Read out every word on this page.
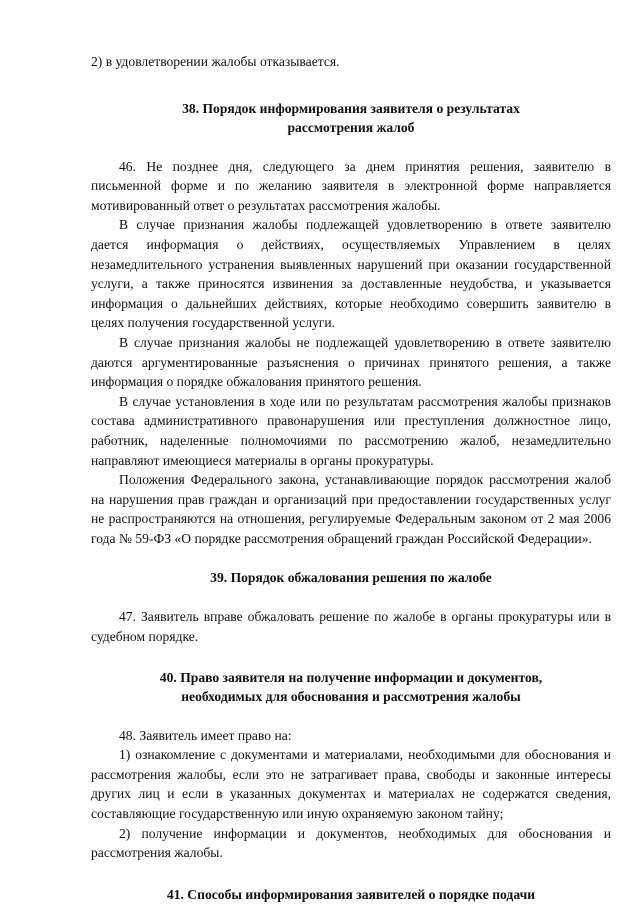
2) в удовлетворении жалобы отказывается.

38. Порядок информирования заявителя о результатах рассмотрения жалоб

46. Не позднее дня, следующего за днем принятия решения, заявителю в письменной форме и по желанию заявителя в электронной форме направляется мотивированный ответ о результатах рассмотрения жалобы.

В случае признания жалобы подлежащей удовлетворению в ответе заявителю дается информация о действиях, осуществляемых Управлением в целях незамедлительного устранения выявленных нарушений при оказании государственной услуги, а также приносятся извинения за доставленные неудобства, и указывается информация о дальнейших действиях, которые необходимо совершить заявителю в целях получения государственной услуги.

В случае признания жалобы не подлежащей удовлетворению в ответе заявителю даются аргументированные разъяснения о причинах принятого решения, а также информация о порядке обжалования принятого решения.

В случае установления в ходе или по результатам рассмотрения жалобы признаков состава административного правонарушения или преступления должностное лицо, работник, наделенные полномочиями по рассмотрению жалоб, незамедлительно направляют имеющиеся материалы в органы прокуратуры.

Положения Федерального закона, устанавливающие порядок рассмотрения жалоб на нарушения прав граждан и организаций при предоставлении государственных услуг не распространяются на отношения, регулируемые Федеральным законом от 2 мая 2006 года № 59-ФЗ «О порядке рассмотрения обращений граждан Российской Федерации».

39. Порядок обжалования решения по жалобе

47. Заявитель вправе обжаловать решение по жалобе в органы прокуратуры или в судебном порядке.

40. Право заявителя на получение информации и документов, необходимых для обоснования и рассмотрения жалобы

48. Заявитель имеет право на:

1) ознакомление с документами и материалами, необходимыми для обоснования и рассмотрения жалобы, если это не затрагивает права, свободы и законные интересы других лиц и если в указанных документах и материалах не содержатся сведения, составляющие государственную или иную охраняемую законом тайну;

2) получение информации и документов, необходимых для обоснования и рассмотрения жалобы.

41. Способы информирования заявителей о порядке подачи
